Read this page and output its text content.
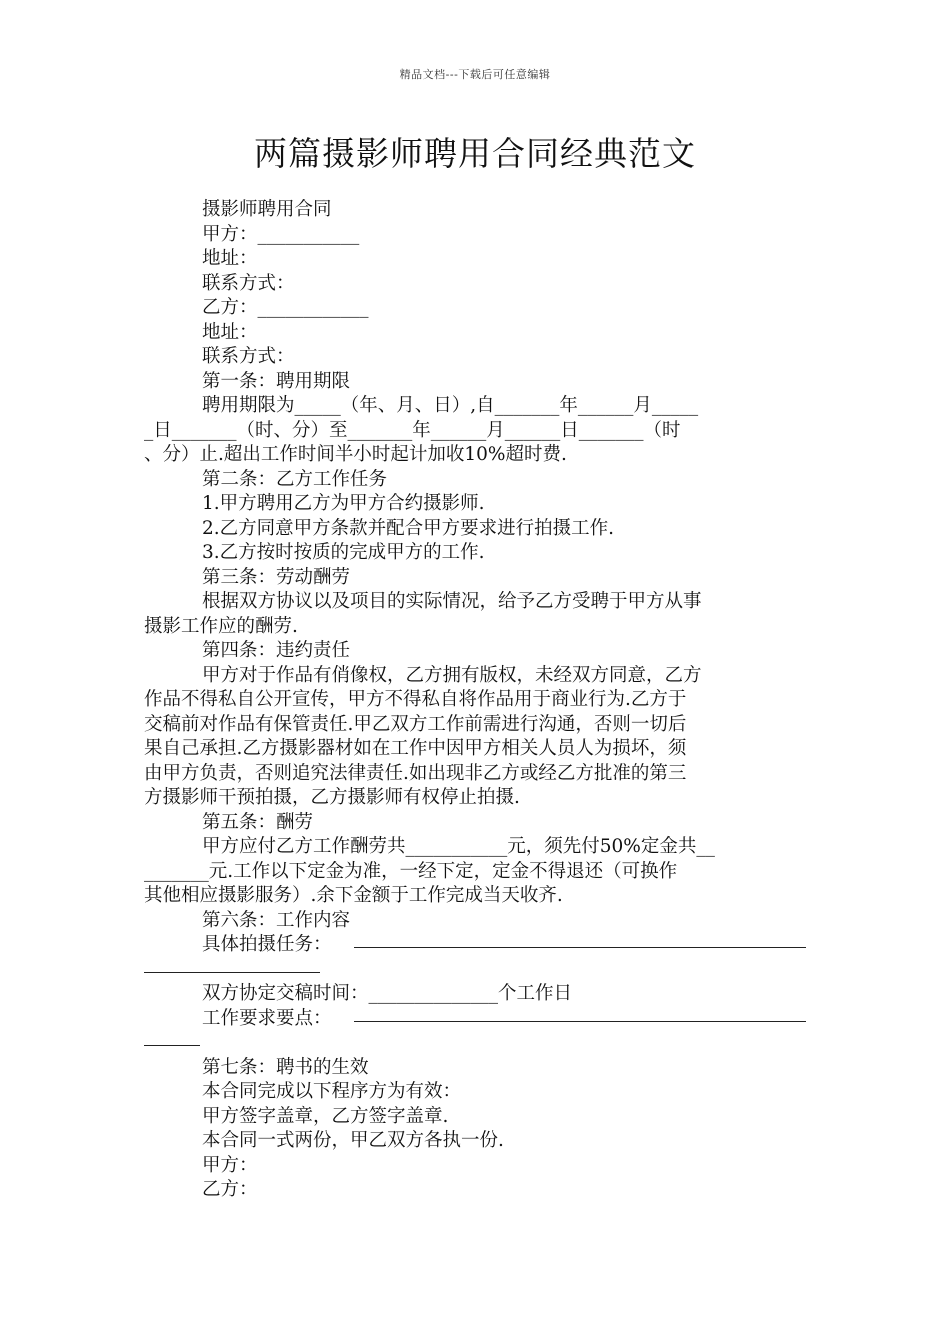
精品文档---下载后可任意编辑
两篇摄影师聘用合同经典范文
摄影师聘用合同
甲方：___________
地址：
联系方式：
乙方：____________
地址：
联系方式：
第一条：聘用期限
聘用期限为_____（年、月、日）,自_______年______月_____
_日_______（时、分）至_______年______月______日_______（时
、分）止.超出工作时间半小时起计加收10%超时费.
第二条：乙方工作任务
1.甲方聘用乙方为甲方合约摄影师.
2.乙方同意甲方条款并配合甲方要求进行拍摄工作.
3.乙方按时按质的完成甲方的工作.
第三条：劳动酬劳
根据双方协议以及项目的实际情况，给予乙方受聘于甲方从事
摄影工作应的酬劳.
第四条：违约责任
甲方对于作品有俏像权，乙方拥有版权，未经双方同意，乙方
作品不得私自公开宣传，甲方不得私自将作品用于商业行为.乙方于
交稿前对作品有保管责任.甲乙双方工作前需进行沟通，否则一切后
果自己承担.乙方摄影器材如在工作中因甲方相关人员人为损坏，须
由甲方负责，否则追究法律责任.如出现非乙方或经乙方批准的第三
方摄影师干预拍摄，乙方摄影师有权停止拍摄.
第五条：酬劳
甲方应付乙方工作酬劳共___________元，须先付50%定金共__
_______元.工作以下定金为准，一经下定，定金不得退还（可换作
其他相应摄影服务）.余下金额于工作完成当天收齐.
第六条：工作内容
具体拍摄任务：
双方协定交稿时间：______________个工作日
工作要求要点：
第七条：聘书的生效
本合同完成以下程序方为有效：
甲方签字盖章，乙方签字盖章.
本合同一式两份，甲乙双方各执一份.
甲方：
乙方：
